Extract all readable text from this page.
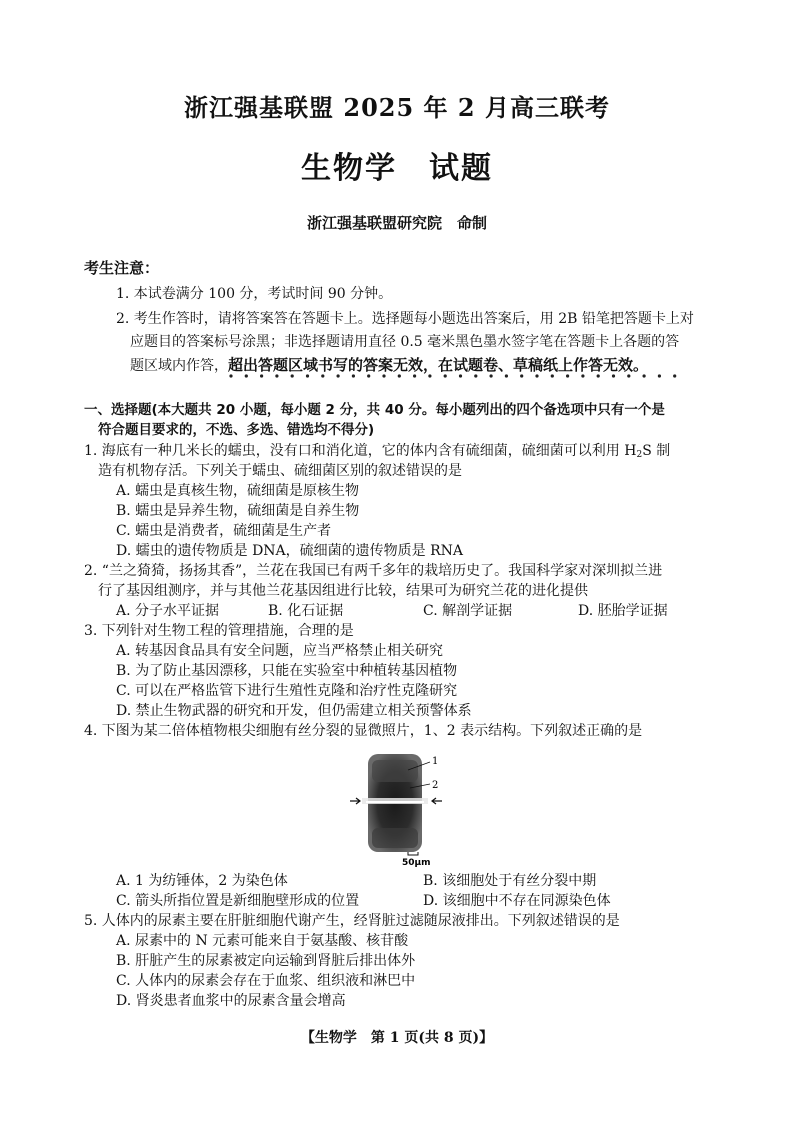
浙江强基联盟 2025 年 2 月高三联考
生物学　试题
浙江强基联盟研究院　命制
考生注意：
1. 本试卷满分 100 分，考试时间 90 分钟。
2. 考生作答时，请将答案答在答题卡上。选择题每小题选出答案后，用 2B 铅笔把答题卡上对
应题目的答案标号涂黑；非选择题请用直径 0.5 毫米黑色墨水签字笔在答题卡上各题的答
题区域内作答，超出答题区域书写的答案无效，在试题卷、草稿纸上作答无效。
一、选择题(本大题共 20 小题，每小题 2 分，共 40 分。每小题列出的四个备选项中只有一个是
符合题目要求的，不选、多选、错选均不得分)
1. 海底有一种几米长的蠕虫，没有口和消化道，它的体内含有硫细菌，硫细菌可以利用 $H_2S$ 制
造有机物存活。下列关于蠕虫、硫细菌区别的叙述错误的是
A. 蠕虫是真核生物，硫细菌是原核生物
B. 蠕虫是异养生物，硫细菌是自养生物
C. 蠕虫是消费者，硫细菌是生产者
D. 蠕虫的遗传物质是 DNA，硫细菌的遗传物质是 RNA
2. “兰之猗猗，扬扬其香”，兰花在我国已有两千多年的栽培历史了。我国科学家对深圳拟兰进
行了基因组测序，并与其他兰花基因组进行比较，结果可为研究兰花的进化提供
A. 分子水平证据	B. 化石证据	C. 解剖学证据	D. 胚胎学证据
3. 下列针对生物工程的管理措施，合理的是
A. 转基因食品具有安全问题，应当严格禁止相关研究
B. 为了防止基因漂移，只能在实验室中种植转基因植物
C. 可以在严格监管下进行生殖性克隆和治疗性克隆研究
D. 禁止生物武器的研究和开发，但仍需建立相关预警体系
4. 下图为某二倍体植物根尖细胞有丝分裂的显微照片，1、2 表示结构。下列叙述正确的是
1
2
50μm
A. 1 为纺锤体，2 为染色体	B. 该细胞处于有丝分裂中期
C. 箭头所指位置是新细胞壁形成的位置	D. 该细胞中不存在同源染色体
5. 人体内的尿素主要在肝脏细胞代谢产生，经肾脏过滤随尿液排出。下列叙述错误的是
A. 尿素中的 N 元素可能来自于氨基酸、核苷酸
B. 肝脏产生的尿素被定向运输到肾脏后排出体外
C. 人体内的尿素会存在于血浆、组织液和淋巴中
D. 肾炎患者血浆中的尿素含量会增高
【生物学　第 1 页(共 8 页)】
